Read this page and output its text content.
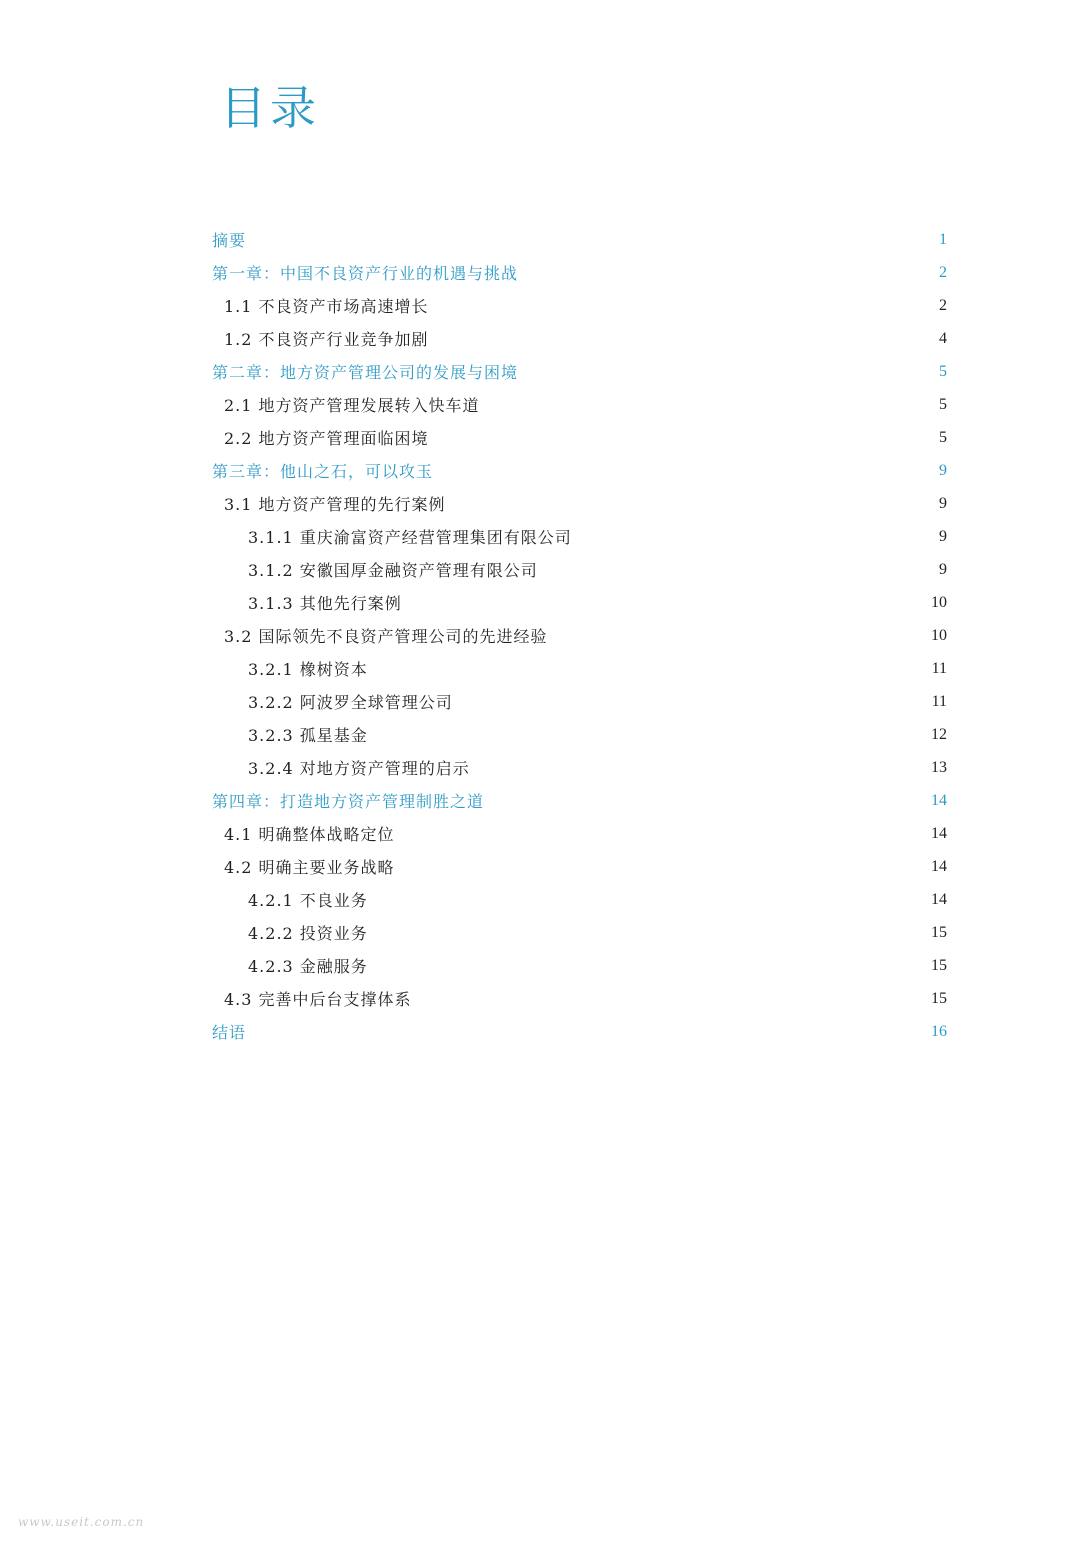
目录
摘要	1
第一章：中国不良资产行业的机遇与挑战	2
1.1 不良资产市场高速增长	2
1.2 不良资产行业竞争加剧	4
第二章：地方资产管理公司的发展与困境	5
2.1 地方资产管理发展转入快车道	5
2.2 地方资产管理面临困境	5
第三章：他山之石，可以攻玉	9
3.1 地方资产管理的先行案例	9
3.1.1 重庆渝富资产经营管理集团有限公司	9
3.1.2 安徽国厚金融资产管理有限公司	9
3.1.3 其他先行案例	10
3.2 国际领先不良资产管理公司的先进经验	10
3.2.1 橡树资本	11
3.2.2 阿波罗全球管理公司	11
3.2.3 孤星基金	12
3.2.4 对地方资产管理的启示	13
第四章：打造地方资产管理制胜之道	14
4.1 明确整体战略定位	14
4.2 明确主要业务战略	14
4.2.1 不良业务	14
4.2.2 投资业务	15
4.2.3 金融服务	15
4.3 完善中后台支撑体系	15
结语	16
www.useit.com.cn
